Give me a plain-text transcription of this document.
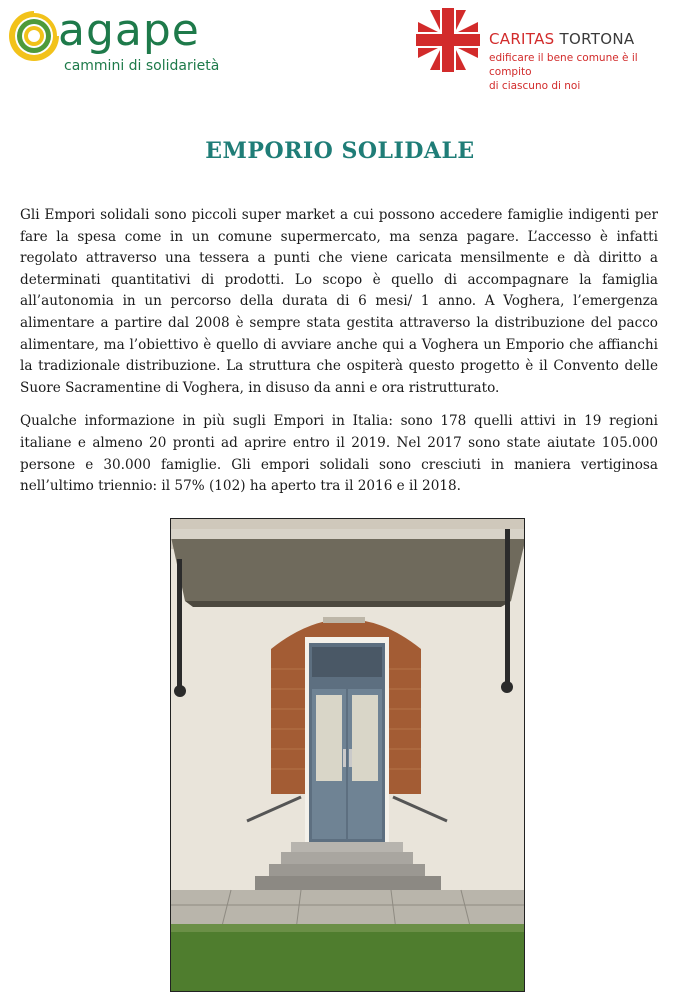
agape
cammini di solidarietà
CARITAS TORTONA
edificare il bene comune è il compito
di ciascuno di noi
EMPORIO SOLIDALE

Gli Empori solidali sono piccoli super market a cui possono accedere famiglie indigenti per fare la spesa come in un comune supermercato, ma senza pagare. L’accesso è infatti regolato attraverso una tessera a punti che viene caricata mensilmente e dà diritto a determinati quantitativi di prodotti. Lo scopo è quello di accompagnare la famiglia all’autonomia in un percorso della durata di 6 mesi/ 1 anno. A Voghera, l’emergenza alimentare a partire dal 2008 è sempre stata gestita attraverso la distribuzione del pacco alimentare, ma l’obiettivo è quello di avviare anche qui a Voghera un Emporio che affianchi la tradizionale distribuzione. La struttura che ospiterà questo progetto è il Convento delle Suore Sacramentine di Voghera, in disuso da anni e ora ristrutturato.

Qualche informazione in più sugli Empori in Italia: sono 178 quelli attivi in 19 regioni italiane e almeno 20 pronti ad aprire entro il 2019. Nel 2017 sono state aiutate 105.000 persone e 30.000 famiglie. Gli empori solidali sono cresciuti in maniera vertiginosa nell’ultimo triennio: il 57% (102) ha aperto tra il 2016 e il 2018.
